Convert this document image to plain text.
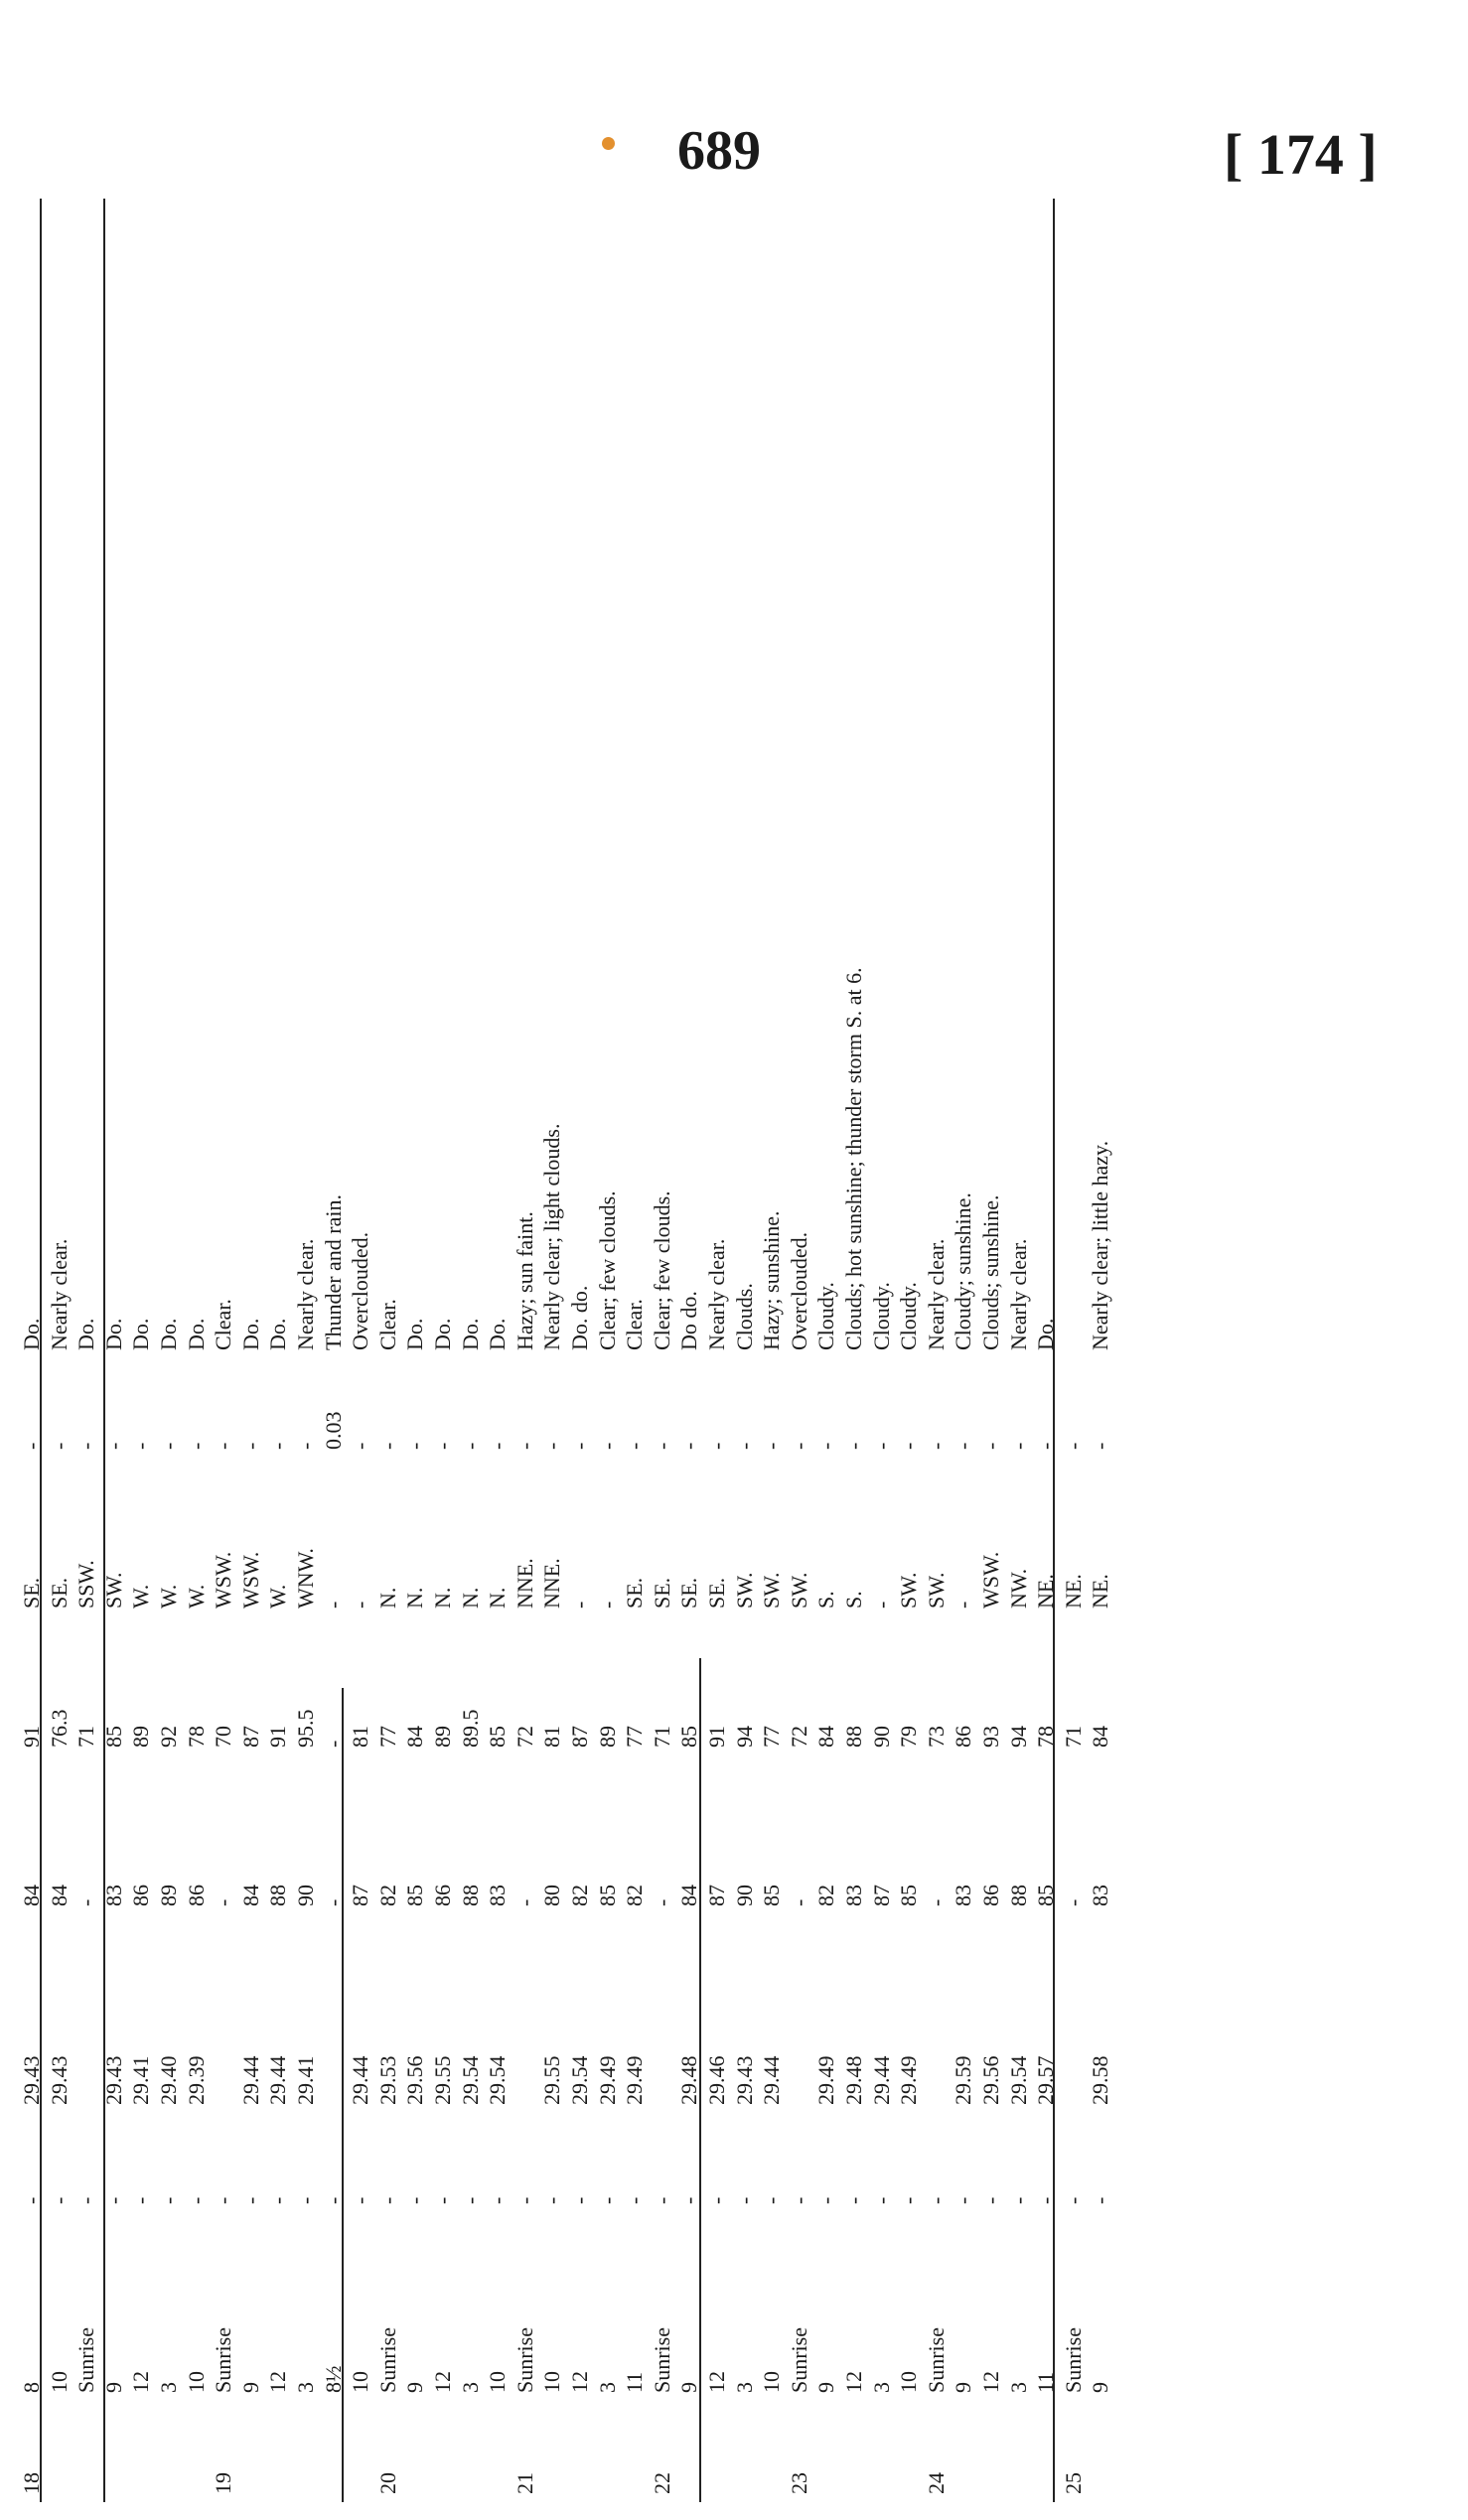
689	[ 174 ]
18
8
-
29.43
84
91
SE.
-
Do.
10
-
29.43
84
76.3
SE.
-
Nearly clear.
Sunrise
-
-
71
SSW.
-
Do.
9
-
29.43
83
85
SW.
-
Do.
12
-
29.41
86
89
W.
-
Do.
3
-
29.40
89
92
W.
-
Do.
10
-
29.39
86
78
W.
-
Do.
19
Sunrise
-
-
70
WSW.
-
Clear.
9
-
29.44
84
87
WSW.
-
Do.
12
-
29.44
88
91
W.
-
Do.
3
-
29.41
90
95.5
WNW.
-
Nearly clear.
8½
-
-
-
-
0.03
Thunder and rain.
10
-
29.44
87
81
-
-
Overclouded.
20
Sunrise
-
29.53
82
77
N.
-
Clear.
9
-
29.56
85
84
N.
-
Do.
12
-
29.55
86
89
N.
-
Do.
3
-
29.54
88
89.5
N.
-
Do.
10
-
29.54
83
85
N.
-
Do.
21
Sunrise
-
-
72
NNE.
-
Hazy; sun faint.
10
-
29.55
80
81
NNE.
-
Nearly clear; light clouds.
12
-
29.54
82
87
-
-
Do. do.
3
-
29.49
85
89
-
-
Clear; few clouds.
11
-
29.49
82
77
SE.
-
Clear.
22
Sunrise
-
-
71
SE.
-
Clear; few clouds.
9
-
29.48
84
85
SE.
-
Do do.
12
-
29.46
87
91
SE.
-
Nearly clear.
3
-
29.43
90
94
SW.
-
Clouds.
10
-
29.44
85
77
SW.
-
Hazy; sunshine.
23
Sunrise
-
-
72
SW.
-
Overclouded.
9
-
29.49
82
84
S.
-
Cloudy.
12
-
29.48
83
88
S.
-
Clouds; hot sunshine; thunder storm S. at 6.
3
-
29.44
87
90
-
-
Cloudy.
10
-
29.49
85
79
SW.
-
Cloudy.
24
Sunrise
-
-
73
SW.
-
Nearly clear.
9
-
29.59
83
86
-
-
Cloudy; sunshine.
12
-
29.56
86
93
WSW.
-
Clouds; sunshine.
3
-
29.54
88
94
NW.
-
Nearly clear.
11
-
29.57
85
78
NE.
-
Do.
25
Sunrise
-
-
71
NE.
-
9
-
29.58
83
84
NE.
-
Nearly clear; little hazy.
